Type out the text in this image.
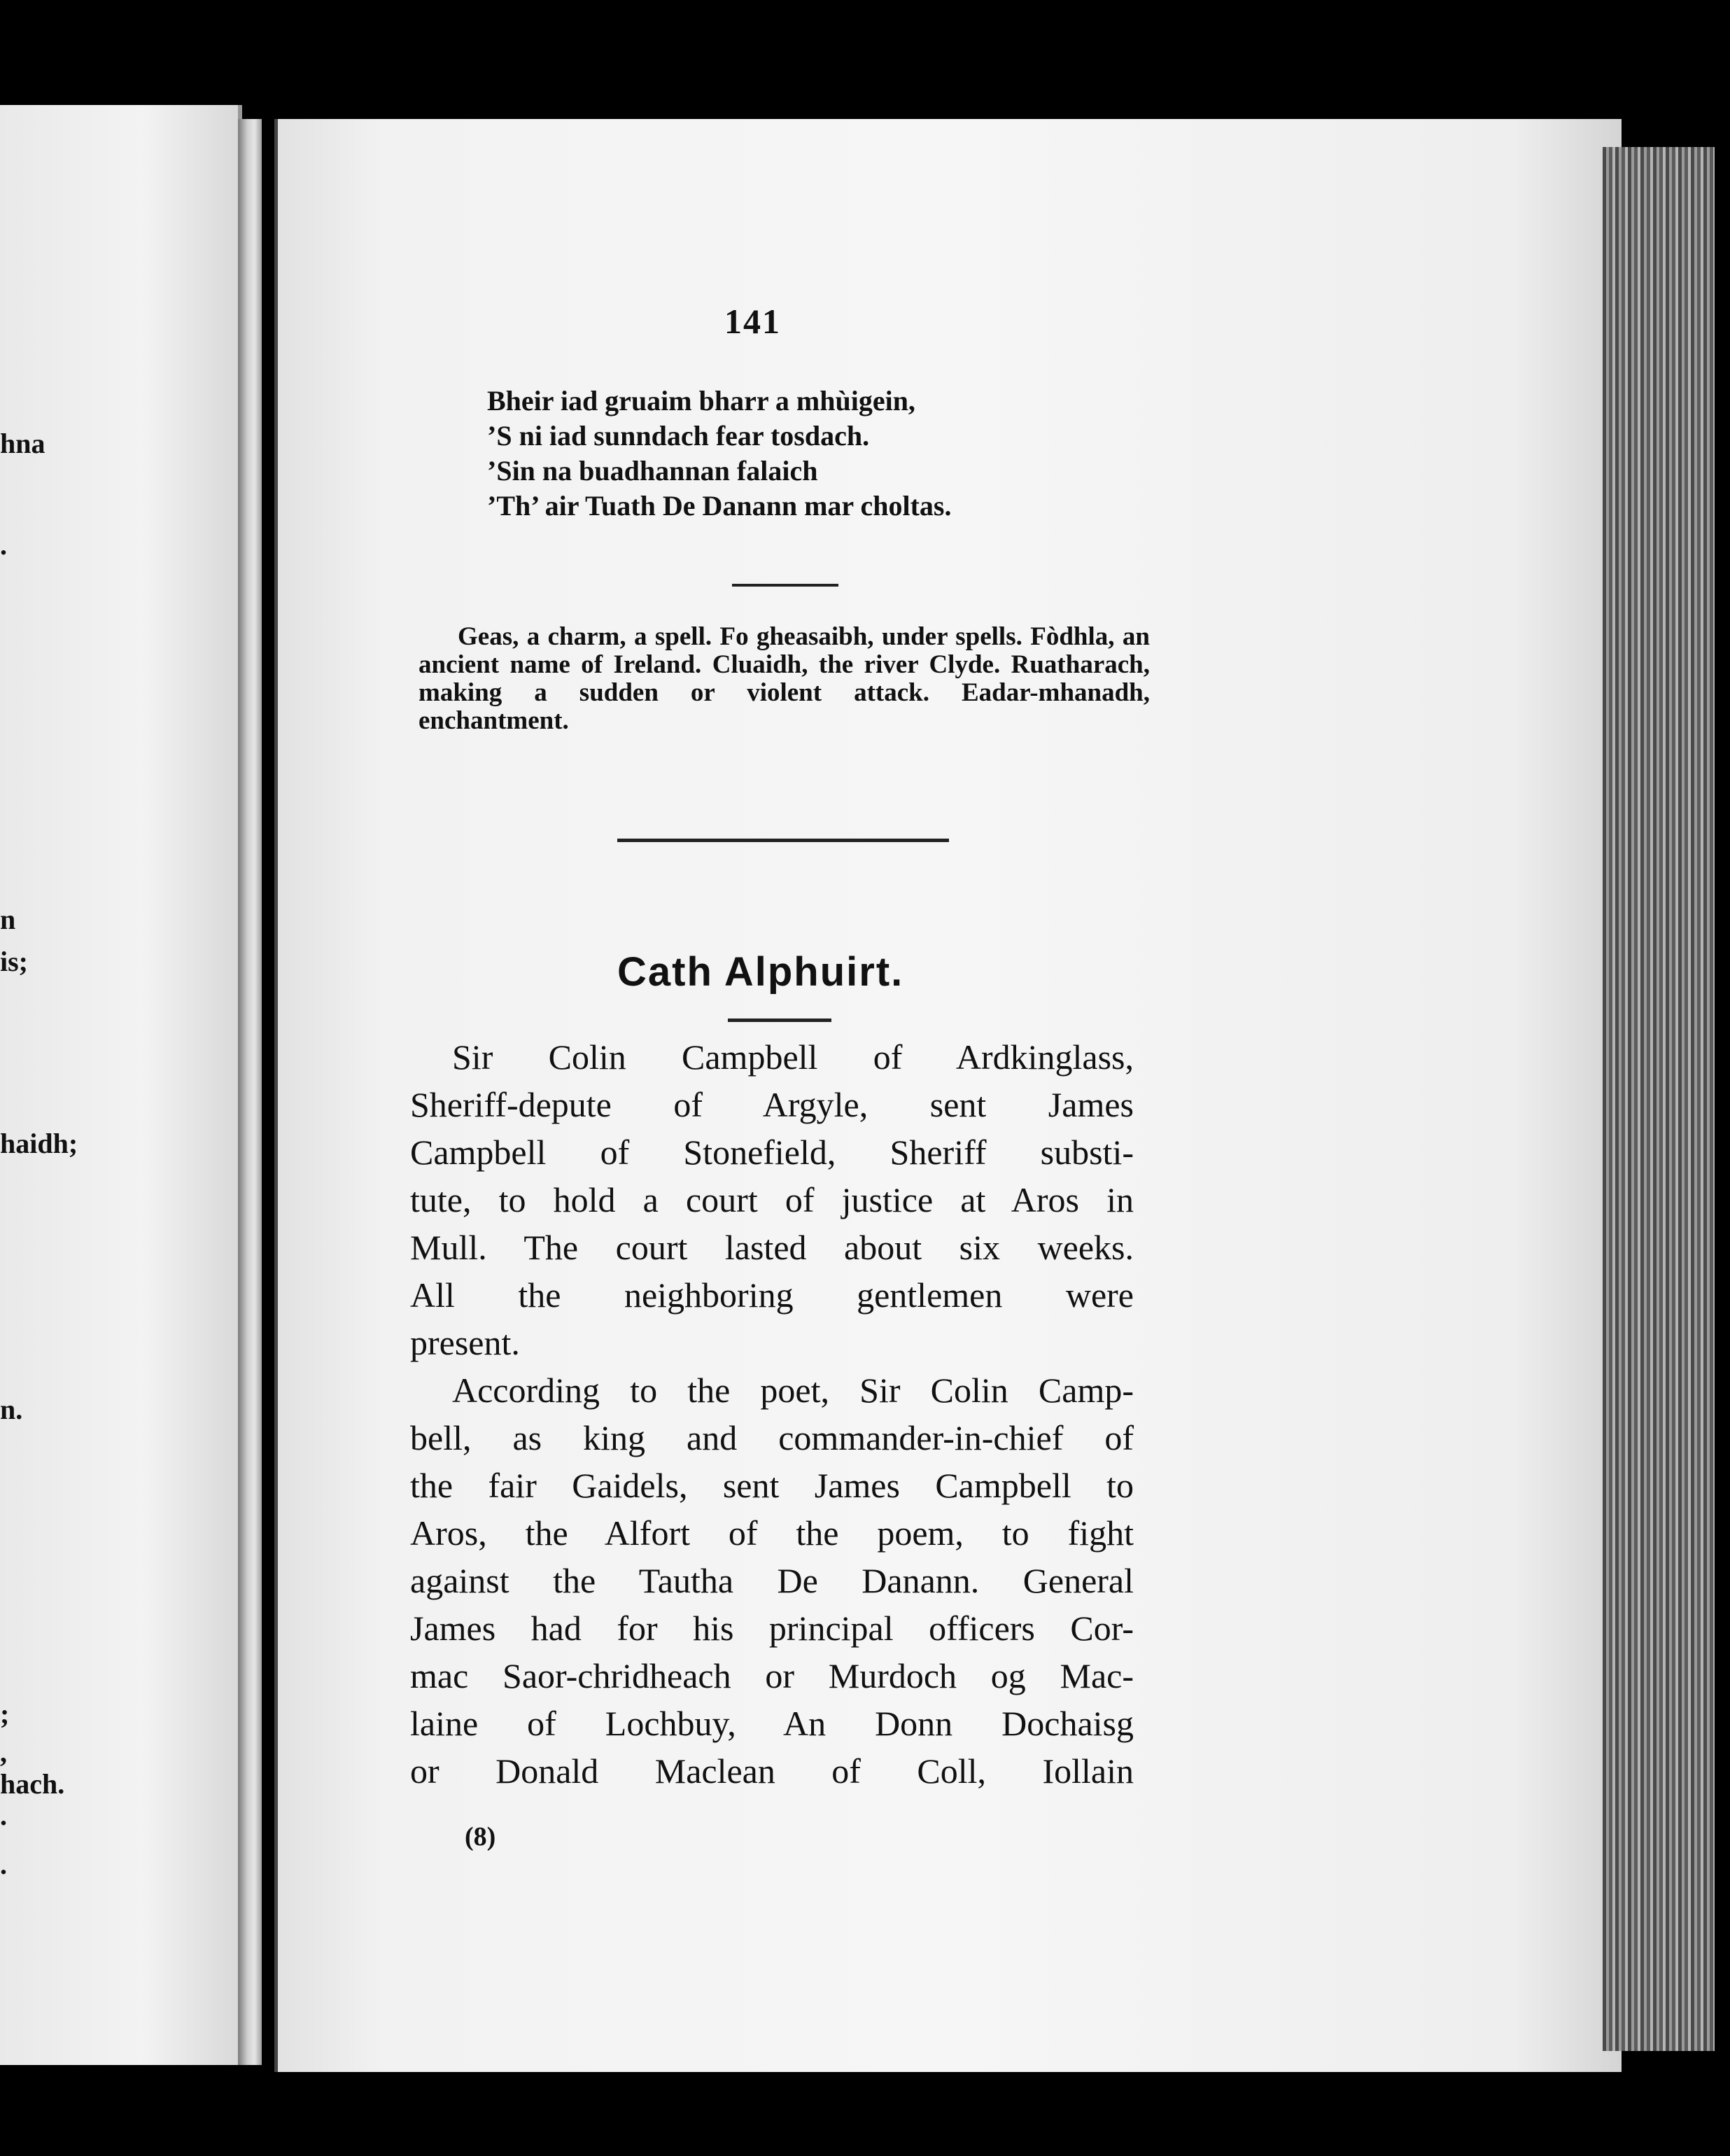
hna
.
n
is;
haidh;
n.
;
,
hach.
.
.
141
Bheir iad gruaim bharr a mhùigein,
’S ni iad sunndach fear tosdach.
’Sin na buadhannan falaich
’Th’ air Tuath De Danann mar choltas.
Geas, a charm, a spell. Fo gheasaibh, under spells. Fòdhla, an ancient name of Ireland. Cluaidh, the river Clyde. Ruatharach, making a sudden or violent attack. Eadar-mhanadh, enchantment.
Cath Alphuirt.

Sir Colin Campbell of Ardkinglass,
Sheriff-depute of Argyle, sent James
Campbell of Stonefield, Sheriff substi-
tute, to hold a court of justice at Aros in
Mull. The court lasted about six weeks.
All the neighboring gentlemen were
present.

According to the poet, Sir Colin Camp-
bell, as king and commander-in-chief of
the fair Gaidels, sent James Campbell to
Aros, the Alfort of the poem, to fight
against the Tautha De Danann. General
James had for his principal officers Cor-
mac Saor-chridheach or Murdoch og Mac-
laine of Lochbuy, An Donn Dochaisg
or Donald Maclean of Coll, Iollain

(8)
